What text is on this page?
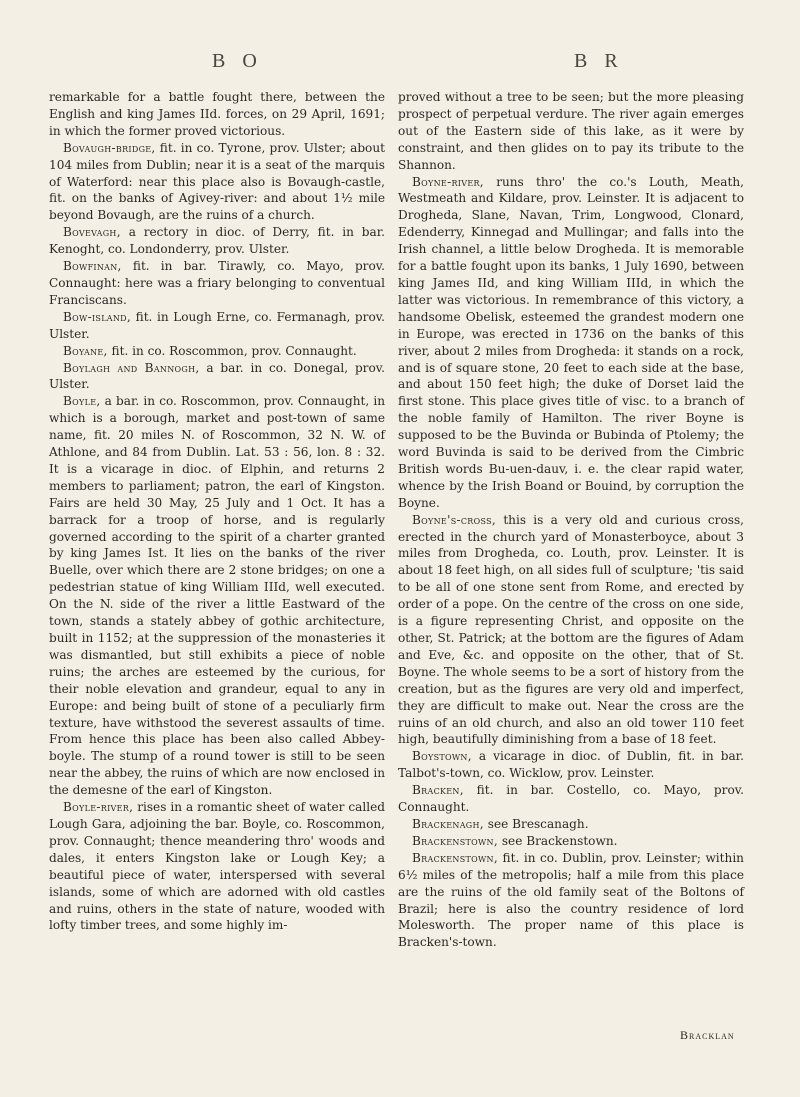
B O	B R

remarkable for a battle fought there, between the English and king James IId. forces, on 29 April, 1691; in which the former proved victorious.

Bovaugh-bridge, fit. in co. Tyrone, prov. Ulster; about 104 miles from Dublin; near it is a seat of the marquis of Waterford: near this place also is Bovaugh-castle, fit. on the banks of Agivey-river: and about 1½ mile beyond Bovaugh, are the ruins of a church.

Bovevagh, a rectory in dioc. of Derry, fit. in bar. Kenoght, co. Londonderry, prov. Ulster.

Bowfinan, fit. in bar. Tirawly, co. Mayo, prov. Connaught: here was a friary belonging to conventual Franciscans.

Bow-island, fit. in Lough Erne, co. Fermanagh, prov. Ulster.

Boyane, fit. in co. Roscommon, prov. Connaught.

Boylagh and Bannogh, a bar. in co. Donegal, prov. Ulster.

Boyle, a bar. in co. Roscommon, prov. Connaught, in which is a borough, market and post-town of same name, fit. 20 miles N. of Roscommon, 32 N. W. of Athlone, and 84 from Dublin. Lat. 53 : 56, lon. 8 : 32. It is a vicarage in dioc. of Elphin, and returns 2 members to parliament; patron, the earl of Kingston. Fairs are held 30 May, 25 July and 1 Oct. It has a barrack for a troop of horse, and is regularly governed according to the spirit of a charter granted by king James Ist. It lies on the banks of the river Buelle, over which there are 2 stone bridges; on one a pedestrian statue of king William IIId, well executed. On the N. side of the river a little Eastward of the town, stands a stately abbey of gothic architecture, built in 1152; at the suppression of the monasteries it was dismantled, but still exhibits a piece of noble ruins; the arches are esteemed by the curious, for their noble elevation and grandeur, equal to any in Europe: and being built of stone of a peculiarly firm texture, have withstood the severest assaults of time. From hence this place has been also called Abbey-boyle. The stump of a round tower is still to be seen near the abbey, the ruins of which are now enclosed in the demesne of the earl of Kingston.

Boyle-river, rises in a romantic sheet of water called Lough Gara, adjoining the bar. Boyle, co. Roscommon, prov. Connaught; thence meandering thro' woods and dales, it enters Kingston lake or Lough Key; a beautiful piece of water, interspersed with several islands, some of which are adorned with old castles and ruins, others in the state of nature, wooded with lofty timber trees, and some highly im-

proved without a tree to be seen; but the more pleasing prospect of perpetual verdure. The river again emerges out of the Eastern side of this lake, as it were by constraint, and then glides on to pay its tribute to the Shannon.

Boyne-river, runs thro' the co.'s Louth, Meath, Westmeath and Kildare, prov. Leinster. It is adjacent to Drogheda, Slane, Navan, Trim, Longwood, Clonard, Edenderry, Kinnegad and Mullingar; and falls into the Irish channel, a little below Drogheda. It is memorable for a battle fought upon its banks, 1 July 1690, between king James IId, and king William IIId, in which the latter was victorious. In remembrance of this victory, a handsome Obelisk, esteemed the grandest modern one in Europe, was erected in 1736 on the banks of this river, about 2 miles from Drogheda: it stands on a rock, and is of square stone, 20 feet to each side at the base, and about 150 feet high; the duke of Dorset laid the first stone. This place gives title of visc. to a branch of the noble family of Hamilton. The river Boyne is supposed to be the Buvinda or Bubinda of Ptolemy; the word Buvinda is said to be derived from the Cimbric British words Bu-uen-dauv, i. e. the clear rapid water, whence by the Irish Boand or Bouind, by corruption the Boyne.

Boyne's-cross, this is a very old and curious cross, erected in the church yard of Monasterboyce, about 3 miles from Drogheda, co. Louth, prov. Leinster. It is about 18 feet high, on all sides full of sculpture; 'tis said to be all of one stone sent from Rome, and erected by order of a pope. On the centre of the cross on one side, is a figure representing Christ, and opposite on the other, St. Patrick; at the bottom are the figures of Adam and Eve, &c. and opposite on the other, that of St. Boyne. The whole seems to be a sort of history from the creation, but as the figures are very old and imperfect, they are difficult to make out. Near the cross are the ruins of an old church, and also an old tower 110 feet high, beautifully diminishing from a base of 18 feet.

Boystown, a vicarage in dioc. of Dublin, fit. in bar. Talbot's-town, co. Wicklow, prov. Leinster.

Bracken, fit. in bar. Costello, co. Mayo, prov. Connaught.

Brackenagh, see Brescanagh.

Brackenstown, see Brackenstown.

Brackenstown, fit. in co. Dublin, prov. Leinster; within 6½ miles of the metropolis; half a mile from this place are the ruins of the old family seat of the Boltons of Brazil; here is also the country residence of lord Molesworth. The proper name of this place is Bracken's-town.

Bracklan
